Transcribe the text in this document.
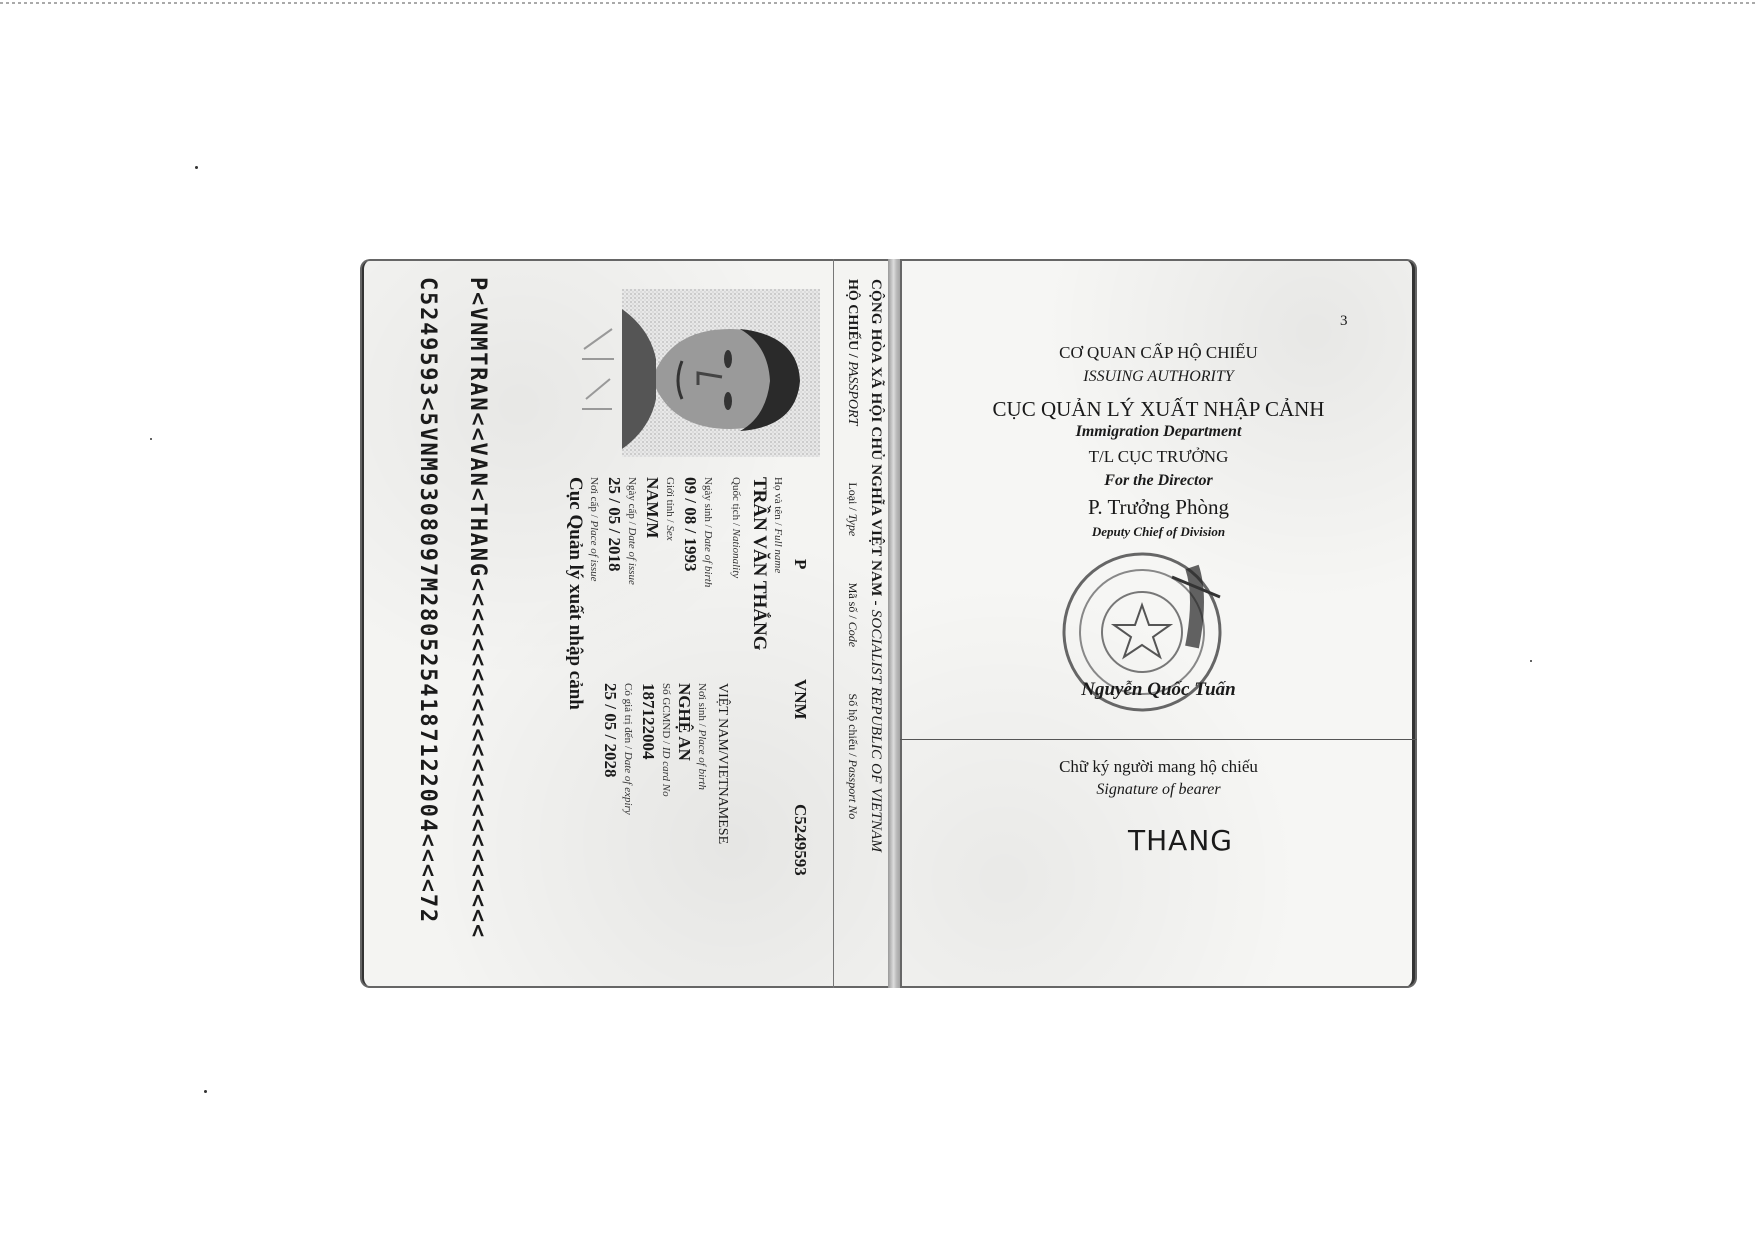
CỘNG HÒA XÃ HỘI CHỦ NGHĨA VIỆT NAM - SOCIALIST REPUBLIC OF VIETNAM
HỘ CHIẾU / PASSPORT  Loại / Type  Mã số / Code  Số hộ chiếu / Passport No
P
VNM
C5249593
Họ và tên / Full name
TRẦN VĂN THẮNG
Quốc tịch / Nationality
VIỆT NAM/VIETNAMESE
Ngày sinh / Date of birth
09 / 08 / 1993
Nơi sinh / Place of birth
NGHỆ AN
Giới tính / Sex
NAM/M
Số GCMND / ID card No
187122004
Ngày cấp / Date of issue
25 / 05 / 2018
Có giá trị đến / Date of expiry
25 / 05 / 2028
Nơi cấp / Place of issue
Cục Quản lý xuất nhập cảnh
P<VNMTRAN<<VAN<THANG<<<<<<<<<<<<<<<<<<<<<<<<
C5249593<5VNM9308097M2805254187122004<<<<72	3
CƠ QUAN CẤP HỘ CHIẾU
ISSUING AUTHORITY
CỤC QUẢN LÝ XUẤT NHẬP CẢNH
Immigration Department
T/L CỤC TRƯỞNG
For the Director
P. Trưởng Phòng
Deputy Chief of Division
Nguyễn Quốc Tuấn
Chữ ký người mang hộ chiếu
Signature of bearer
THANG
